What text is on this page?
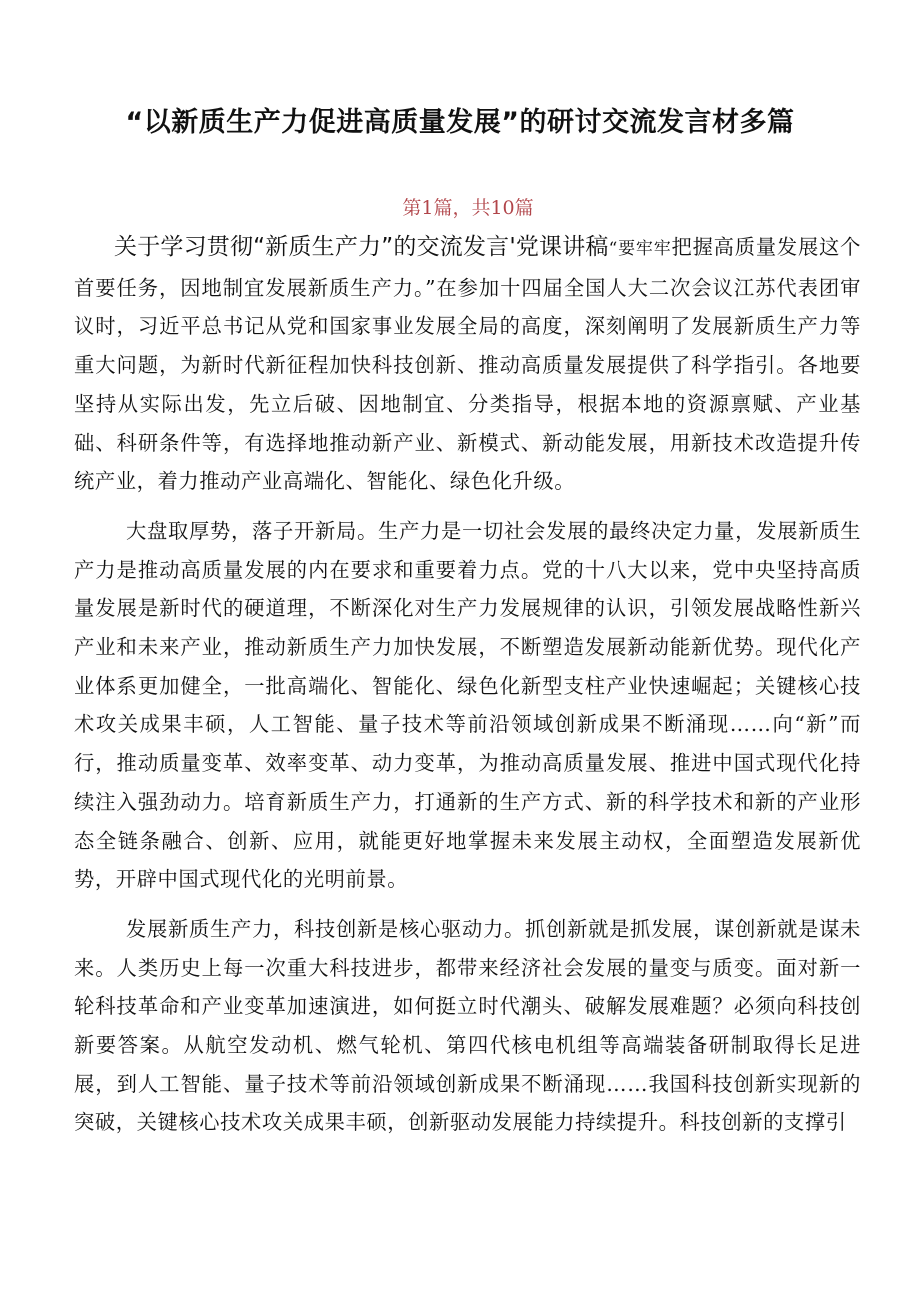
“以新质生产力促进高质量发展”的研讨交流发言材多篇
第1篇，共10篇

关于学习贯彻“新质生产力”的交流发言'党课讲稿“要牢牢把握高质量发展这个首要任务，因地制宜发展新质生产力。”在参加十四届全国人大二次会议江苏代表团审议时，习近平总书记从党和国家事业发展全局的高度，深刻阐明了发展新质生产力等重大问题，为新时代新征程加快科技创新、推动高质量发展提供了科学指引。各地要坚持从实际出发，先立后破、因地制宜、分类指导，根据本地的资源禀赋、产业基础、科研条件等，有选择地推动新产业、新模式、新动能发展，用新技术改造提升传统产业，着力推动产业高端化、智能化、绿色化升级。

大盘取厚势，落子开新局。生产力是一切社会发展的最终决定力量，发展新质生产力是推动高质量发展的内在要求和重要着力点。党的十八大以来，党中央坚持高质量发展是新时代的硬道理，不断深化对生产力发展规律的认识，引领发展战略性新兴产业和未来产业，推动新质生产力加快发展，不断塑造发展新动能新优势。现代化产业体系更加健全，一批高端化、智能化、绿色化新型支柱产业快速崛起；关键核心技术攻关成果丰硕，人工智能、量子技术等前沿领域创新成果不断涌现……向“新”而行，推动质量变革、效率变革、动力变革，为推动高质量发展、推进中国式现代化持续注入强劲动力。培育新质生产力，打通新的生产方式、新的科学技术和新的产业形态全链条融合、创新、应用，就能更好地掌握未来发展主动权，全面塑造发展新优势，开辟中国式现代化的光明前景。

发展新质生产力，科技创新是核心驱动力。抓创新就是抓发展，谋创新就是谋未来。人类历史上每一次重大科技进步，都带来经济社会发展的量变与质变。面对新一轮科技革命和产业变革加速演进，如何挺立时代潮头、破解发展难题？必须向科技创新要答案。从航空发动机、燃气轮机、第四代核电机组等高端装备研制取得长足进展，到人工智能、量子技术等前沿领域创新成果不断涌现……我国科技创新实现新的突破，关键核心技术攻关成果丰硕，创新驱动发展能力持续提升。科技创新的支撑引
